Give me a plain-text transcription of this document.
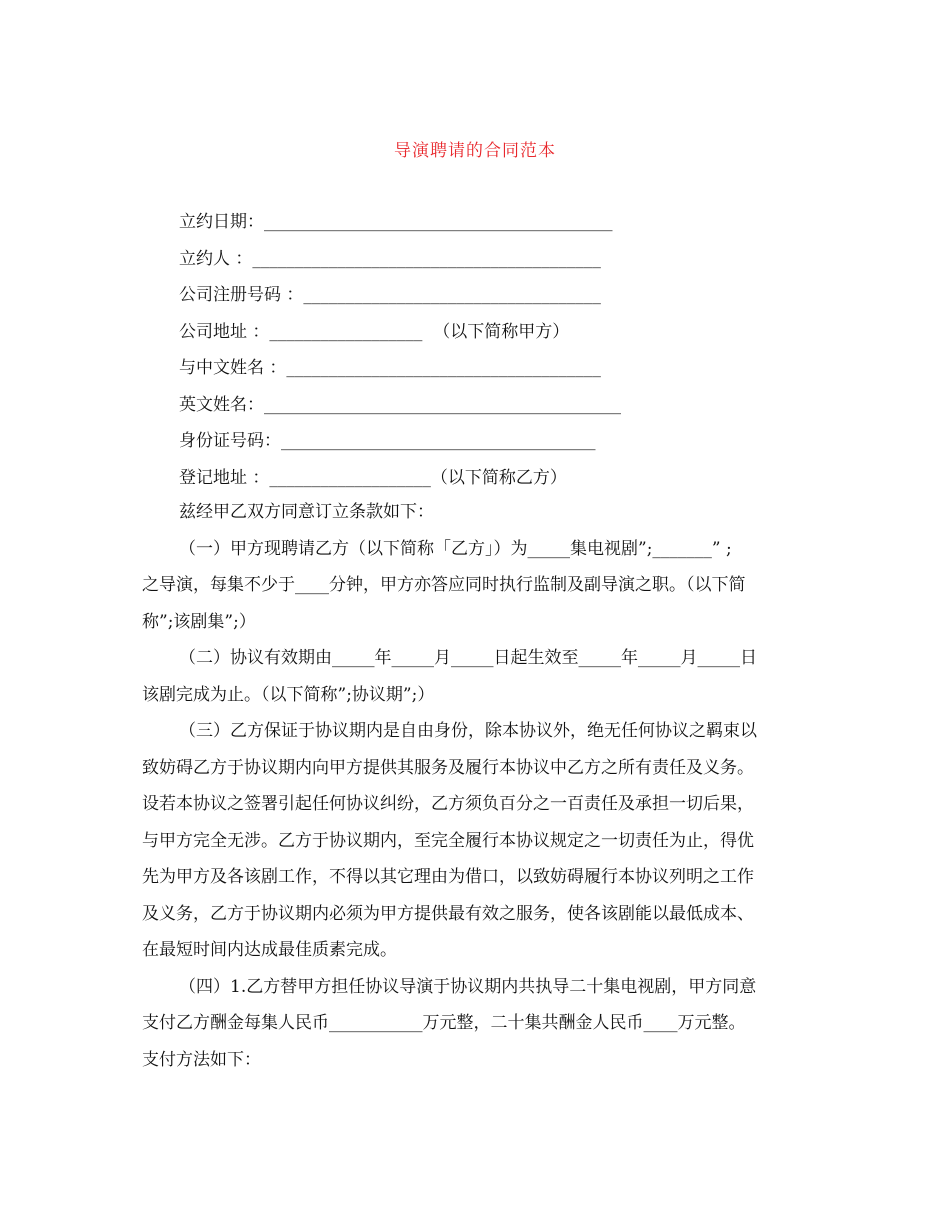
导演聘请的合同范本
立约日期：_________________________________________
立约人 ：_________________________________________
公司注册号码 ：___________________________________
公司地址 ：__________________  （以下简称甲方）
与中文姓名 ：_____________________________________
英文姓名：__________________________________________
身份证号码：_____________________________________
登记地址 ：___________________（以下简称乙方）
兹经甲乙双方同意订立条款如下：
（一）甲方现聘请乙方（以下简称「乙方」）为_____集电视剧”;_______” ;
之导演，每集不少于____分钟，甲方亦答应同时执行监制及副导演之职。（以下简
称”;该剧集”;）
（二）协议有效期由_____年_____月_____日起生效至_____年_____月_____日
该剧完成为止。（以下简称”;协议期”;）
（三）乙方保证于协议期内是自由身份，除本协议外，绝无任何协议之羁束以
致妨碍乙方于协议期内向甲方提供其服务及履行本协议中乙方之所有责任及义务。
设若本协议之签署引起任何协议纠纷，乙方须负百分之一百责任及承担一切后果，
与甲方完全无涉。乙方于协议期内，至完全履行本协议规定之一切责任为止，得优
先为甲方及各该剧工作，不得以其它理由为借口，以致妨碍履行本协议列明之工作
及义务，乙方于协议期内必须为甲方提供最有效之服务，使各该剧能以最低成本、
在最短时间内达成最佳质素完成。
（四）1.乙方替甲方担任协议导演于协议期内共执导二十集电视剧，甲方同意
支付乙方酬金每集人民币___________万元整，二十集共酬金人民币____万元整。
支付方法如下：
